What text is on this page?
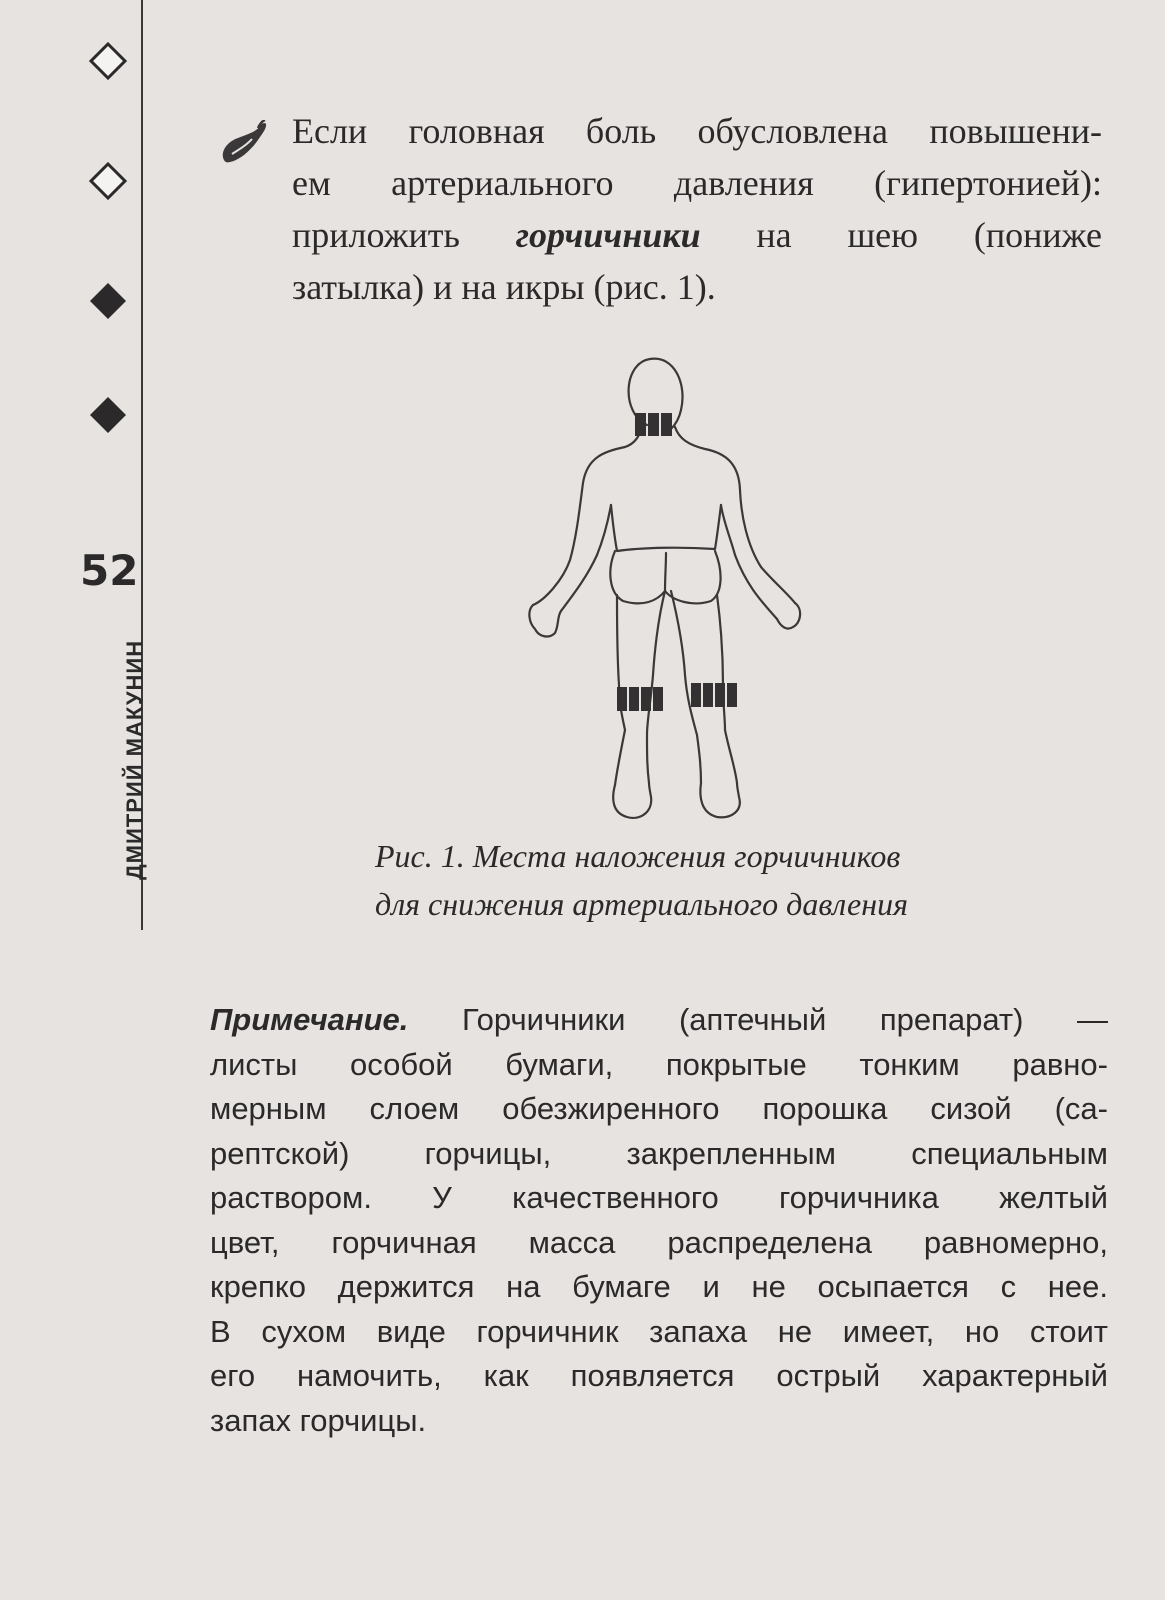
52
ДМИТРИЙ МАКУНИН

Если головная боль обусловлена повышени-
ем артериального давления (гипертонией):
приложить горчичники на шею (пониже
затылка) и на икры (рис. 1).

Рис. 1. Места наложения горчичников
для снижения артериального давления

Примечание. Горчичники (аптечный препарат) —
листы особой бумаги, покрытые тонким равно-
мерным слоем обезжиренного порошка сизой (са-
рептской) горчицы, закрепленным специальным
раствором. У качественного горчичника желтый
цвет, горчичная масса распределена равномерно,
крепко держится на бумаге и не осыпается с нее.
В сухом виде горчичник запаха не имеет, но стоит
его намочить, как появляется острый характерный
запах горчицы.
